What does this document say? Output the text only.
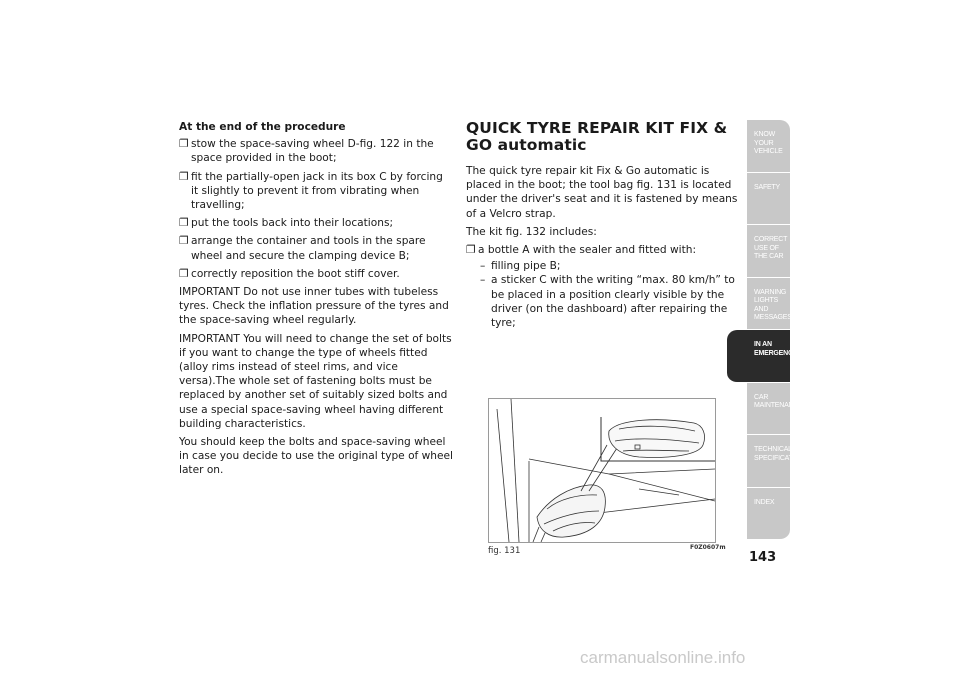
At the end of the procedure

❐ stow the space-saving wheel D-fig. 122 in the space provided in the boot;
❐ fit the partially-open jack in its box C by forcing it slightly to prevent it from vibrating when travelling;
❐ put the tools back into their locations;
❐ arrange the container and tools in the spare wheel and secure the clamping device B;
❐ correctly reposition the boot stiff cover.

IMPORTANT Do not use inner tubes with tubeless tyres. Check the inflation pressure of the tyres and the space-saving wheel regularly.

IMPORTANT You will need to change the set of bolts if you want to change the type of wheels fitted (alloy rims instead of steel rims, and vice versa).The whole set of fastening bolts must be replaced by another set of suitably sized bolts and use a special space-saving wheel having different building characteristics.

You should keep the bolts and space-saving wheel in case you decide to use the original type of wheel later on.

QUICK TYRE REPAIR KIT FIX & GO automatic

The quick tyre repair kit Fix & Go automatic is placed in the boot; the tool bag fig. 131 is located under the driver's seat and it is fastened by means of a Velcro strap.

The kit fig. 132 includes:

❐ a bottle A with the sealer and fitted with:
– filling pipe B;
– a sticker C with the writing “max. 80 km/h” to be placed in a position clearly visible by the driver (on the dashboard) after repairing the tyre;
fig. 131	F0Z0607m
KNOW YOUR VEHICLE
SAFETY
CORRECT USE OF THE CAR
WARNING LIGHTS AND MESSAGES
IN AN EMERGENCY
CAR MAINTENANCE
TECHNICAL SPECIFICATIONS
INDEX
143
carmanualsonline.info
